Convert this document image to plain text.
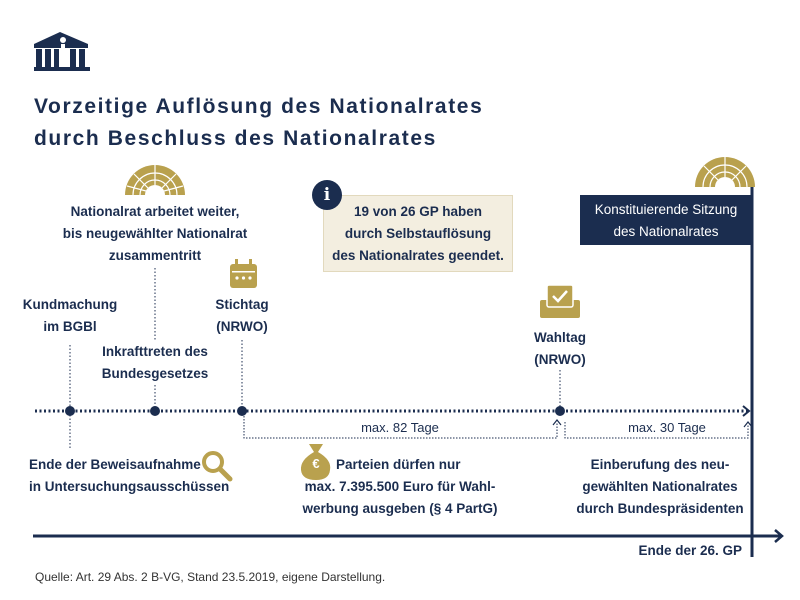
Vorzeitige Auflösung des Nationalrates
durch Beschluss des Nationalrates
Nationalrat arbeitet weiter,
bis neugewählter Nationalrat
zusammentritt
19 von 26 GP haben
durch Selbstauflösung
des Nationalrates geendet.
i
Konstituierende Sitzung
des Nationalrates
Kundmachung
im BGBl
Inkrafttreten des
Bundesgesetzes
Stichtag
(NRWO)
Wahltag
(NRWO)
max. 82 Tage	max. 30 Tage
Ende der Beweisaufnahme
in Untersuchungsausschüssen
€ Parteien dürfen nur
max. 7.395.500 Euro für Wahl-
werbung ausgeben (§ 4 PartG)
Einberufung des neu-
gewählten Nationalrates
durch Bundespräsidenten
Ende der 26. GP
Quelle: Art. 29 Abs. 2 B-VG, Stand 23.5.2019, eigene Darstellung.
